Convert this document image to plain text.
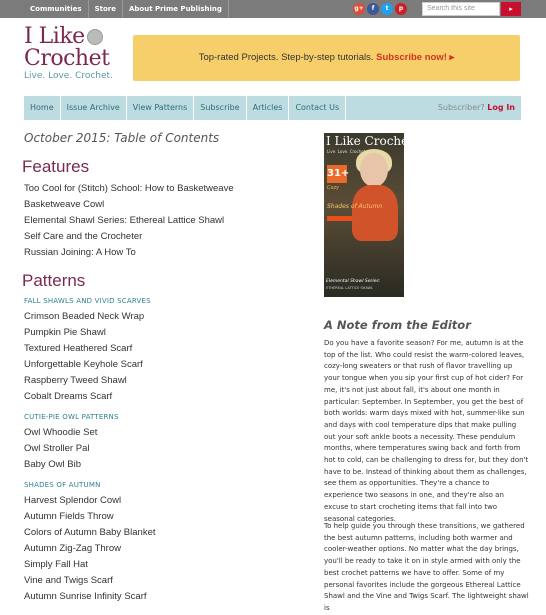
Communities	Store	About Prime Publishing	g+	f	t	p	Search this site	▸
I Like
Crochet
Live. Love. Crochet.
Top-rated Projects. Step-by-step tutorials. Subscribe now! ▸
Home	Issue Archive	View Patterns	Subscribe	Articles	Contact Us	Subscriber? Log In
October 2015: Table of Contents
Features
Too Cool for (Stitch) School: How to Basketweave
Basketweave Cowl
Elemental Shawl Series: Ethereal Lattice Shawl
Self Care and the Crocheter
Russian Joining: A How To
Patterns
FALL SHAWLS AND VIVID SCARVES
Crimson Beaded Neck Wrap
Pumpkin Pie Shawl
Textured Heathered Scarf
Unforgettable Keyhole Scarf
Raspberry Tweed Shawl
Cobalt Dreams Scarf
CUTIE-PIE OWL PATTERNS
Owl Whoodie Set
Owl Stroller Pal
Baby Owl Bib
SHADES OF AUTUMN
Harvest Splendor Cowl
Autumn Fields Throw
Colors of Autumn Baby Blanket
Autumn Zig-Zag Throw
Simply Fall Hat
Vine and Twigs Scarf
Autumn Sunrise Infinity Scarf
I Like Crochet
Live. Love. Crochet.
31+
Cozy
Shades of Autumn
Elemental Shawl Series:
ETHEREAL LATTICE SHAWL
A Note from the Editor
Do you have a favorite season? For me, autumn is at the top of the list. Who could resist the warm-colored leaves, cozy-long sweaters or that rush of flavor travelling up your tongue when you sip your first cup of hot cider? For me, it's not just about fall, it's about one month in particular: September. In September, you get the best of both worlds: warm days mixed with hot, summer-like sun and days with cool temperature dips that make pulling out your soft ankle boots a necessity. These pendulum months, where temperatures swing back and forth from hot to cold, can be challenging to dress for, but they don't have to be. Instead of thinking about them as challenges, see them as opportunities. They're a chance to experience two seasons in one, and they're also an excuse to start crocheting items that fall into two seasonal categories.
To help guide you through these transitions, we gathered the best autumn patterns, including both warmer and cooler-weather options. No matter what the day brings, you'll be ready to take it on in style armed with only the best crochet patterns we have to offer. Some of my personal favorites include the gorgeous Ethereal Lattice Shawl and the Vine and Twigs Scarf. The lightweight shawl is
